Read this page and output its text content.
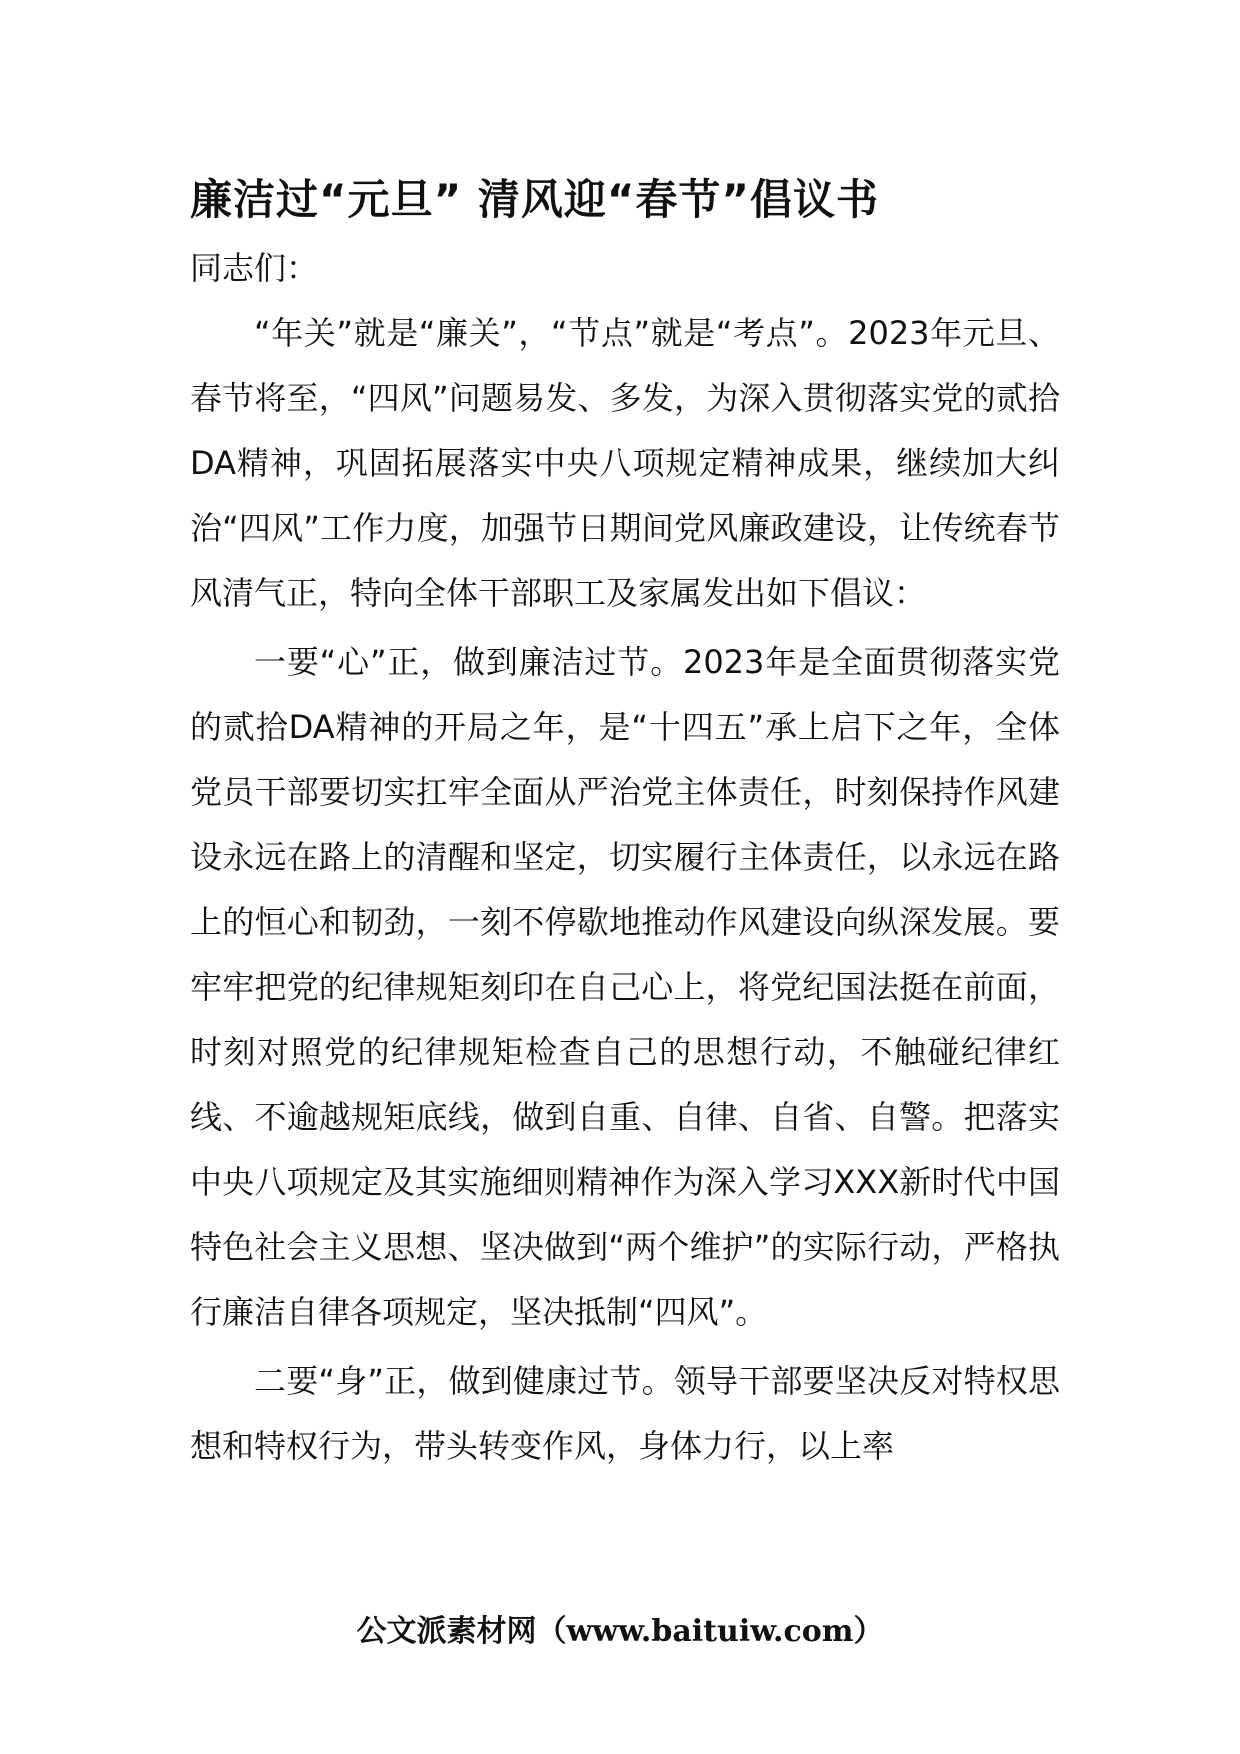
廉洁过“元旦” 清风迎“春节”倡议书

同志们：

“年关”就是“廉关”，“节点”就是“考点”。2023年元旦、春节将至，“四风”问题易发、多发，为深入贯彻落实党的贰拾DA精神，巩固拓展落实中央八项规定精神成果，继续加大纠治“四风”工作力度，加强节日期间党风廉政建设，让传统春节风清气正，特向全体干部职工及家属发出如下倡议：

一要“心”正，做到廉洁过节。2023年是全面贯彻落实党的贰拾DA精神的开局之年，是“十四五”承上启下之年，全体党员干部要切实扛牢全面从严治党主体责任，时刻保持作风建设永远在路上的清醒和坚定，切实履行主体责任，以永远在路上的恒心和韧劲，一刻不停歇地推动作风建设向纵深发展。要牢牢把党的纪律规矩刻印在自己心上，将党纪国法挺在前面，时刻对照党的纪律规矩检查自己的思想行动，不触碰纪律红线、不逾越规矩底线，做到自重、自律、自省、自警。把落实中央八项规定及其实施细则精神作为深入学习XXX新时代中国特色社会主义思想、坚决做到“两个维护”的实际行动，严格执行廉洁自律各项规定，坚决抵制“四风”。

二要“身”正，做到健康过节。领导干部要坚决反对特权思想和特权行为，带头转变作风，身体力行，以上率

公文派素材网（www.baituiw.com）
